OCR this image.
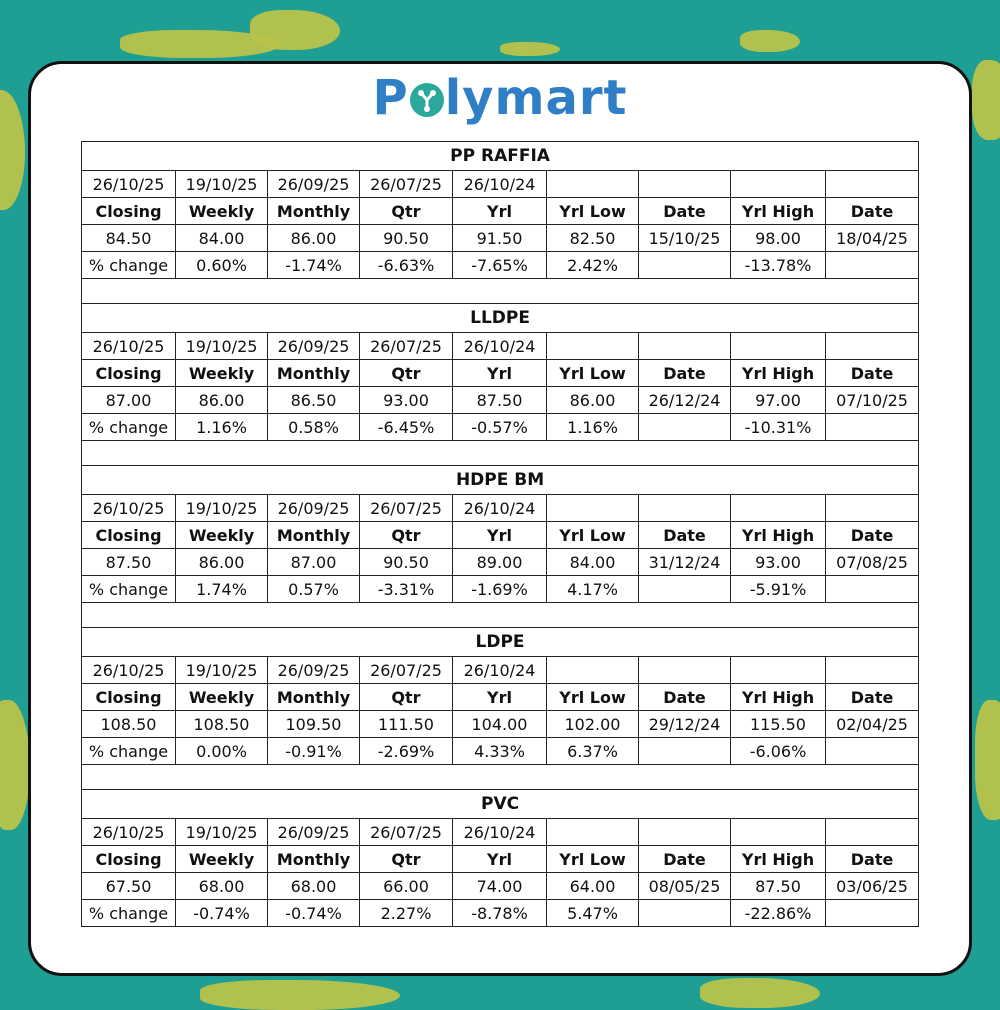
P lymart
PP RAFFIA								
26/10/25	19/10/25	26/09/25	26/07/25	26/10/24				
Closing	Weekly	Monthly	Qtr	Yrl	Yrl Low	Date	Yrl High	Date
84.50	84.00	86.00	90.50	91.50	82.50	15/10/25	98.00	18/04/25
% change	0.60%	-1.74%	-6.63%	-7.65%	2.42%		-13.78%	

LLDPE								
26/10/25	19/10/25	26/09/25	26/07/25	26/10/24				
Closing	Weekly	Monthly	Qtr	Yrl	Yrl Low	Date	Yrl High	Date
87.00	86.00	86.50	93.00	87.50	86.00	26/12/24	97.00	07/10/25
% change	1.16%	0.58%	-6.45%	-0.57%	1.16%		-10.31%	

HDPE BM								
26/10/25	19/10/25	26/09/25	26/07/25	26/10/24				
Closing	Weekly	Monthly	Qtr	Yrl	Yrl Low	Date	Yrl High	Date
87.50	86.00	87.00	90.50	89.00	84.00	31/12/24	93.00	07/08/25
% change	1.74%	0.57%	-3.31%	-1.69%	4.17%		-5.91%	

LDPE								
26/10/25	19/10/25	26/09/25	26/07/25	26/10/24				
Closing	Weekly	Monthly	Qtr	Yrl	Yrl Low	Date	Yrl High	Date
108.50	108.50	109.50	111.50	104.00	102.00	29/12/24	115.50	02/04/25
% change	0.00%	-0.91%	-2.69%	4.33%	6.37%		-6.06%	

PVC								
26/10/25	19/10/25	26/09/25	26/07/25	26/10/24				
Closing	Weekly	Monthly	Qtr	Yrl	Yrl Low	Date	Yrl High	Date
67.50	68.00	68.00	66.00	74.00	64.00	08/05/25	87.50	03/06/25
% change	-0.74%	-0.74%	2.27%	-8.78%	5.47%		-22.86%	
